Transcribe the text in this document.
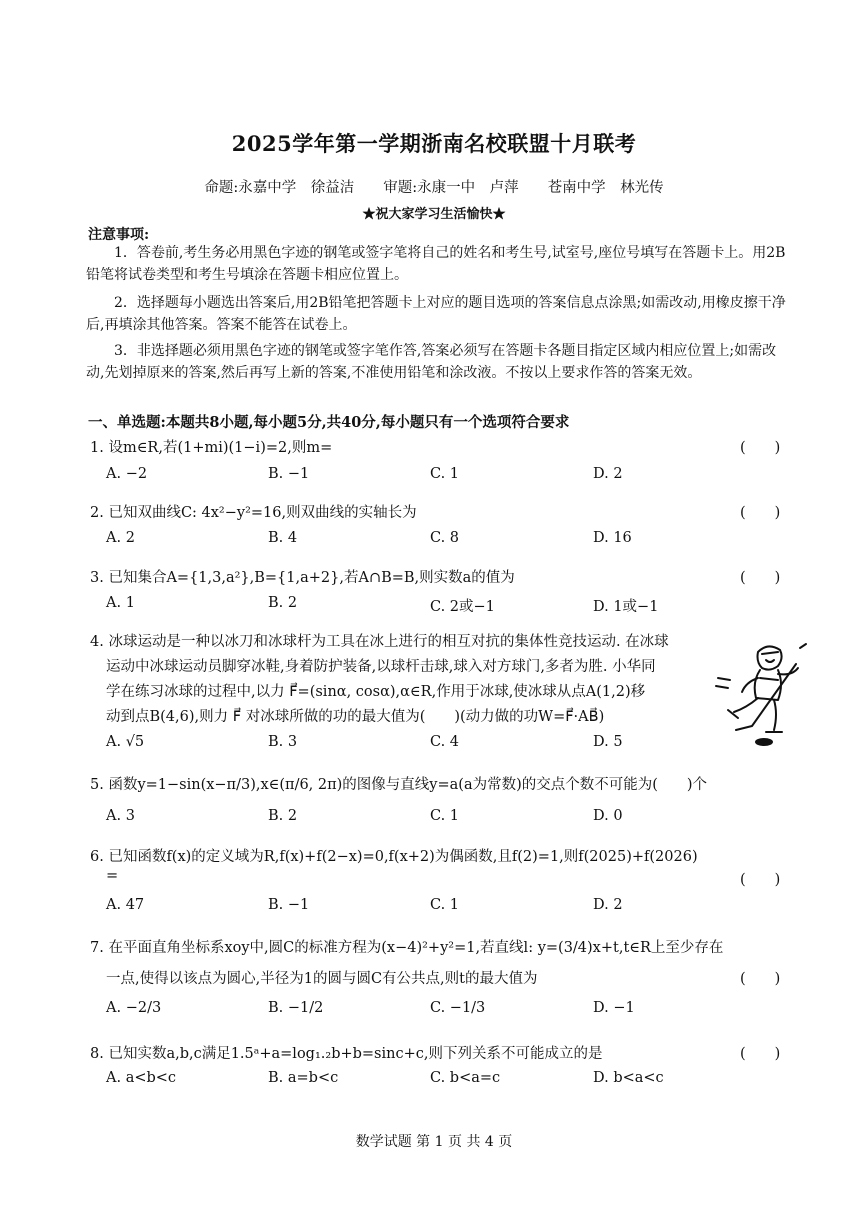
2025学年第一学期浙南名校联盟十月联考
命题:永嘉中学　徐益洁　　审题:永康一中　卢萍　　苍南中学　林光传
★祝大家学习生活愉快★
注意事项:
1．答卷前,考生务必用黑色字迹的钢笔或签字笔将自己的姓名和考生号,试室号,座位号填写在答题卡上。用2B铅笔将试卷类型和考生号填涂在答题卡相应位置上。
2．选择题每小题选出答案后,用2B铅笔把答题卡上对应的题目选项的答案信息点涂黑;如需改动,用橡皮擦干净后,再填涂其他答案。答案不能答在试卷上。
3．非选择题必须用黑色字迹的钢笔或签字笔作答,答案必须写在答题卡各题目指定区域内相应位置上;如需改动,先划掉原来的答案,然后再写上新的答案,不准使用铅笔和涂改液。不按以上要求作答的答案无效。
一、单选题:本题共8小题,每小题5分,共40分,每小题只有一个选项符合要求
1. 设m∈R,若(1+mi)(1−i)=2,则m=	(　　)
A. −2	B. −1	C. 1	D. 2
2. 已知双曲线C: 4x²−y²=16,则双曲线的实轴长为	(　　)
A. 2	B. 4	C. 8	D. 16
3. 已知集合A={1,3,a²},B={1,a+2},若A∩B=B,则实数a的值为	(　　)
A. 1	B. 2	C. 2或−1	D. 1或−1
4. 冰球运动是一种以冰刀和冰球杆为工具在冰上进行的相互对抗的集体性竞技运动. 在冰球
运动中冰球运动员脚穿冰鞋,身着防护装备,以球杆击球,球入对方球门,多者为胜. 小华同
学在练习冰球的过程中,以力 F⃗=(sinα, cosα),α∈R,作用于冰球,使冰球从点A(1,2)移
动到点B(4,6),则力 F⃗ 对冰球所做的功的最大值为(　　)(动力做的功W=F⃗·AB⃗)
A. √5	B. 3	C. 4	D. 5
5. 函数y=1−sin(x−π/3),x∈(π/6, 2π)的图像与直线y=a(a为常数)的交点个数不可能为(　　)个
A. 3	B. 2	C. 1	D. 0
6. 已知函数f(x)的定义域为R,f(x)+f(2−x)=0,f(x+2)为偶函数,且f(2)=1,则f(2025)+f(2026)
=	(　　)
A. 47	B. −1	C. 1	D. 2
7. 在平面直角坐标系xoy中,圆C的标准方程为(x−4)²+y²=1,若直线l: y=(3/4)x+t,t∈R上至少存在
一点,使得以该点为圆心,半径为1的圆与圆C有公共点,则t的最大值为	(　　)
A. −2/3	B. −1/2	C. −1/3	D. −1
8. 已知实数a,b,c满足1.5ᵃ+a=log₁.₂b+b=sinc+c,则下列关系不可能成立的是	(　　)
A. a<b<c	B. a=b<c	C. b<a=c	D. b<a<c
数学试题 第 1 页 共 4 页
